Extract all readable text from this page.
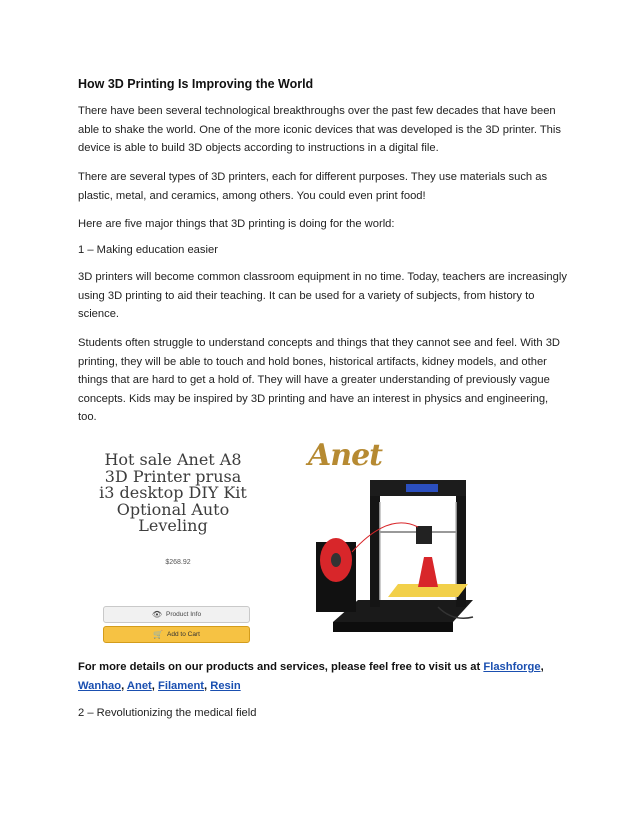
How 3D Printing Is Improving the World

There have been several technological breakthroughs over the past few decades that have been able to shake the world. One of the more iconic devices that was developed is the 3D printer. This device is able to build 3D objects according to instructions in a digital file.

There are several types of 3D printers, each for different purposes. They use materials such as plastic, metal, and ceramics, among others. You could even print food!

Here are five major things that 3D printing is doing for the world:

1 – Making education easier

3D printers will become common classroom equipment in no time. Today, teachers are increasingly using 3D printing to aid their teaching. It can be used for a variety of subjects, from history to science.

Students often struggle to understand concepts and things that they cannot see and feel. With 3D printing, they will be able to touch and hold bones, historical artifacts, kidney models, and other things that are hard to get a hold of. They will have a greater understanding of previously vague concepts. Kids may be inspired by 3D printing and have an interest in physics and engineering, too.

For more details on our products and services, please feel free to visit us at Flashforge, Wanhao, Anet, Filament, Resin

2 – Revolutionizing the medical field

Hot sale Anet A8
3D Printer prusa
i3 desktop DIY Kit
Optional Auto
Leveling

$268.92
👁 Product Info
🛒 Add to Cart
Anet
